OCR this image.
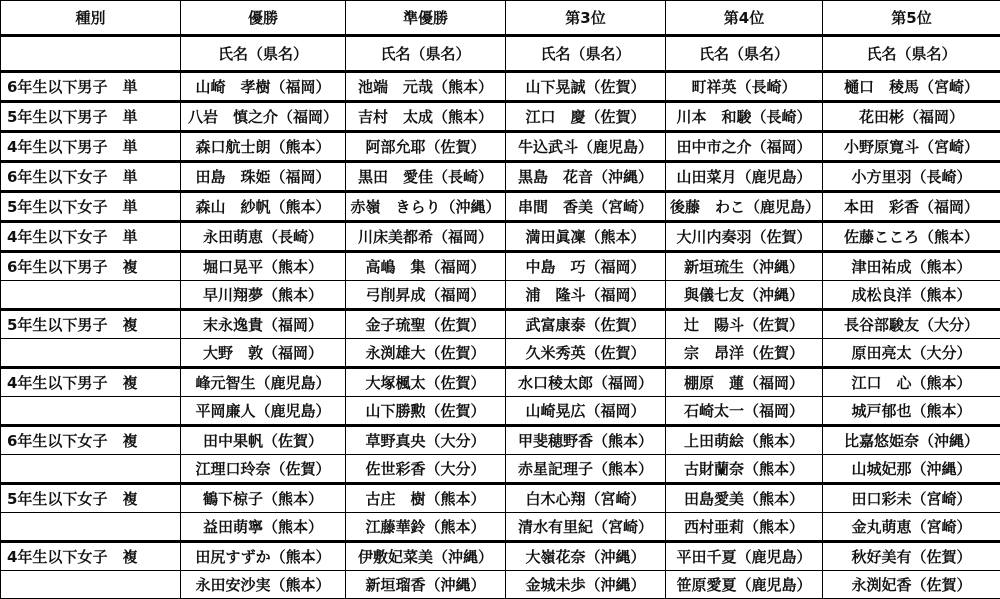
種別	優勝	準優勝	第3位	第4位	第5位
	氏名（県名）	氏名（県名）	氏名（県名）	氏名（県名）	氏名（県名）
6年生以下男子　単	山崎　孝樹（福岡）	池端　元哉（熊本）	山下晃誠（佐賀）	町祥英（長崎）	樋口　稜馬（宮崎）
5年生以下男子　単	八岩　慎之介（福岡）	吉村　太成（熊本）	江口　慶（佐賀）	川本　和駿（長崎）	花田彬（福岡）
4年生以下男子　単	森口航士朗（熊本）	阿部允耶（佐賀）	牛込武斗（鹿児島）	田中市之介（福岡）	小野原寛斗（宮崎）
6年生以下女子　単	田島　珠姫（福岡）	黒田　愛佳（長崎）	黒島　花音（沖縄）	山田菜月（鹿児島）	小方里羽（長崎）
5年生以下女子　単	森山　紗帆（熊本）	赤嶺　きらり（沖縄）	串間　香美（宮崎）	後藤　わこ（鹿児島）	本田　彩香（福岡）
4年生以下女子　単	永田萌恵（長崎）	川床美都希（福岡）	満田眞凜（熊本）	大川内奏羽（佐賀）	佐藤こころ（熊本）
6年生以下男子　複	堀口晃平（熊本）	高嶋　集（福岡）	中島　巧（福岡）	新垣琉生（沖縄）	津田祐成（熊本）
	早川翔夢（熊本）	弓削昇成（福岡）	浦　隆斗（福岡）	與儀七友（沖縄）	成松良洋（熊本）
5年生以下男子　複	末永逸貴（福岡）	金子琉聖（佐賀）	武富康泰（佐賀）	辻　陽斗（佐賀）	長谷部駿友（大分）
	大野　敦（福岡）	永渕雄大（佐賀）	久米秀英（佐賀）	宗　昂洋（佐賀）	原田亮太（大分）
4年生以下男子　複	峰元智生（鹿児島）	大塚楓太（佐賀）	水口稜太郎（福岡）	棚原　蓮（福岡）	江口　心（熊本）
	平岡廉人（鹿児島）	山下勝勲（佐賀）	山崎晃広（福岡）	石崎太一（福岡）	城戸郁也（熊本）
6年生以下女子　複	田中果帆（佐賀）	草野真央（大分）	甲斐穂野香（熊本）	上田萌絵（熊本）	比嘉悠姫奈（沖縄）
	江理口玲奈（佐賀）	佐世彩香（大分）	赤星記理子（熊本）	古財蘭奈（熊本）	山城妃那（沖縄）
5年生以下女子　複	鶴下椋子（熊本）	古庄　樹（熊本）	白木心翔（宮崎）	田島愛美（熊本）	田口彩未（宮崎）
	益田萌寧（熊本）	江藤華鈴（熊本）	清水有里紀（宮崎）	西村亜莉（熊本）	金丸萌恵（宮崎）
4年生以下女子　複	田尻すずか（熊本）	伊敷妃菜美（沖縄）	大嶺花奈（沖縄）	平田千夏（鹿児島）	秋好美有（佐賀）
	永田安沙実（熊本）	新垣瑠香（沖縄）	金城未歩（沖縄）	笹原愛夏（鹿児島）	永渕妃香（佐賀）
